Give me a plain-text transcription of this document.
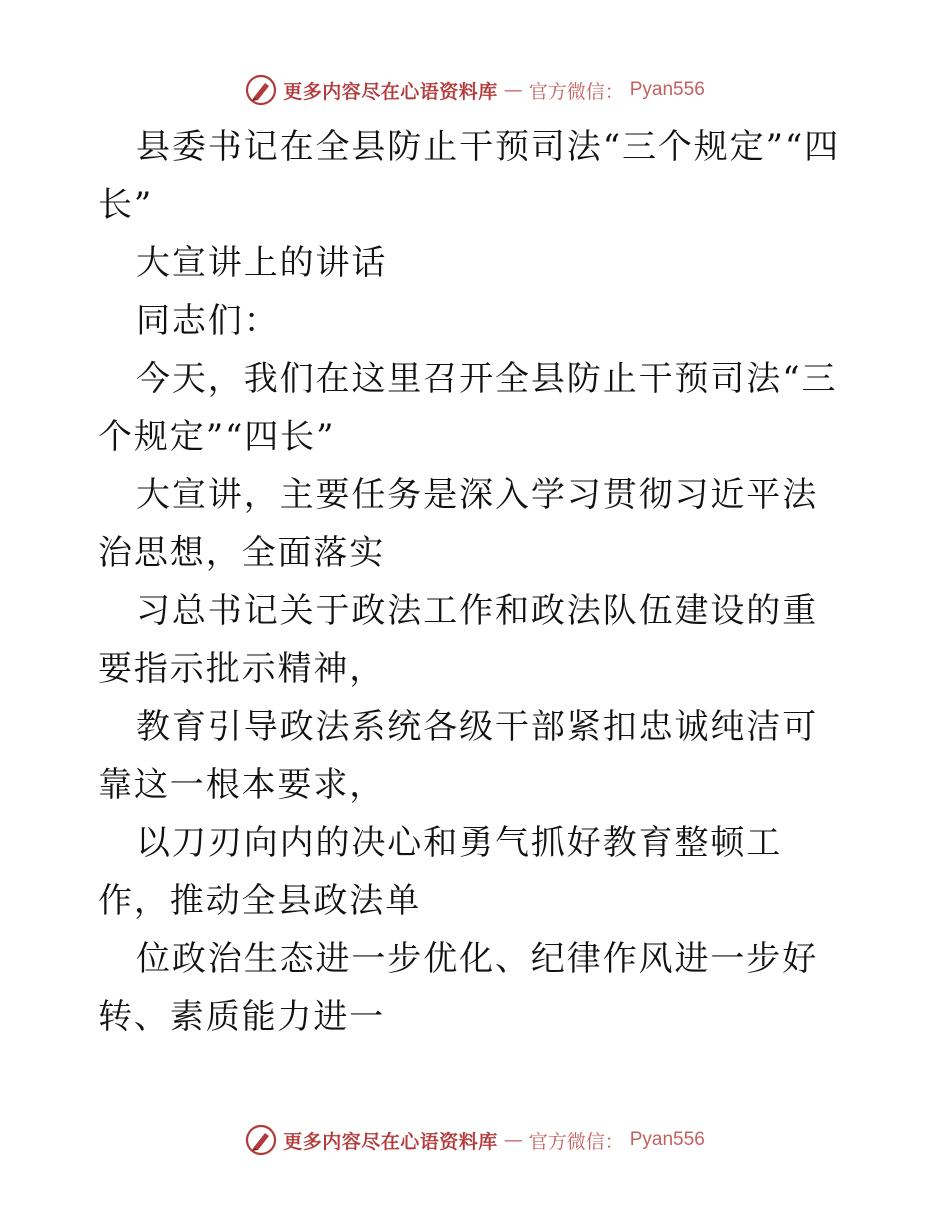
更多内容尽在心语资料库 — 官方微信： Pyan556

县委书记在全县防止干预司法“三个规定”“四长”

大宣讲上的讲话

同志们：

今天，我们在这里召开全县防止干预司法“三个规定”“四长”

大宣讲，主要任务是深入学习贯彻习近平法治思想，全面落实

习总书记关于政法工作和政法队伍建设的重要指示批示精神，

教育引导政法系统各级干部紧扣忠诚纯洁可靠这一根本要求，

以刀刃向内的决心和勇气抓好教育整顿工作，推动全县政法单

位政治生态进一步优化、纪律作风进一步好转、素质能力进一

更多内容尽在心语资料库 — 官方微信： Pyan556
